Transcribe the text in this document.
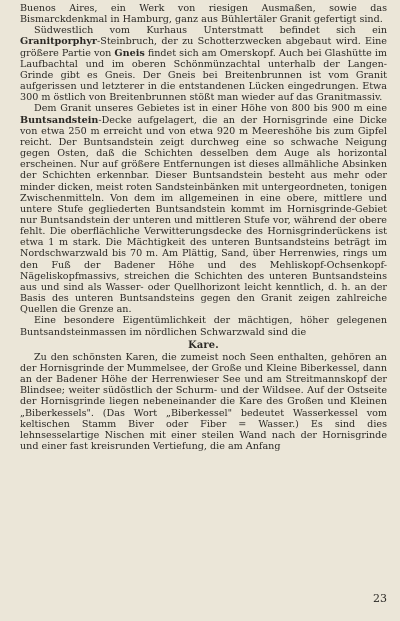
Buenos Aires, ein Werk von riesigen Ausmaßen, sowie das Bismarckdenkmal in Hamburg, ganz aus Bühlertäler Granit gefertigt sind.

Südwestlich vom Kurhaus Unterstmatt befindet sich ein Granitporphyr-Steinbruch, der zu Schotterzwecken abgebaut wird. Eine größere Partie von Gneis findet sich am Omerskopf. Auch bei Glashütte im Laufbachtal und im oberen Schönmünzachtal unterhalb der Langen-Grinde gibt es Gneis. Der Gneis bei Breitenbrunnen ist vom Granit aufgerissen und letzterer in die entstandenen Lücken eingedrungen. Etwa 300 m östlich von Breitenbrunnen stößt man wieder auf das Granitmassiv.

Dem Granit unseres Gebietes ist in einer Höhe von 800 bis 900 m eine Buntsandstein-Decke aufgelagert, die an der Hornisgrinde eine Dicke von etwa 250 m erreicht und von etwa 920 m Meereshöhe bis zum Gipfel reicht. Der Buntsandstein zeigt durchweg eine so schwache Neigung gegen Osten, daß die Schichten desselben dem Auge als horizontal erscheinen. Nur auf größere Entfernungen ist dieses allmähliche Absinken der Schichten erkennbar. Dieser Buntsandstein besteht aus mehr oder minder dicken, meist roten Sandsteinbänken mit untergeordneten, tonigen Zwischenmitteln. Von dem im allgemeinen in eine obere, mittlere und untere Stufe gegliederten Buntsandstein kommt im Hornisgrinde-Gebiet nur Buntsandstein der unteren und mittleren Stufe vor, während der obere fehlt. Die oberflächliche Verwitterungsdecke des Hornisgrinderückens ist etwa 1 m stark. Die Mächtigkeit des unteren Buntsandsteins beträgt im Nordschwarzwald bis 70 m. Am Plättig, Sand, über Herrenwies, rings um den Fuß der Badener Höhe und des Mehliskopf-Ochsenkopf-Nägeliskopfmassivs, streichen die Schichten des unteren Buntsandsteins aus und sind als Wasser- oder Quellhorizont leicht kenntlich, d. h. an der Basis des unteren Buntsandsteins gegen den Granit zeigen zahlreiche Quellen die Grenze an.

Eine besondere Eigentümlichkeit der mächtigen, höher gelegenen Buntsandsteinmassen im nördlichen Schwarzwald sind die

Kare.

Zu den schönsten Karen, die zumeist noch Seen enthalten, gehören an der Hornisgrinde der Mummelsee, der Große und Kleine Biberkessel, dann an der Badener Höhe der Herrenwieser See und am Streitmannskopf der Blindsee; weiter südöstlich der Schurm- und der Wildsee. Auf der Ostseite der Hornisgrinde liegen nebeneinander die Kare des Großen und Kleinen „Biberkessels". (Das Wort „Biberkessel" bedeutet Wasserkessel vom keltischen Stamm Biver oder Fiber = Wasser.) Es sind dies lehnsesselartige Nischen mit einer steilen Wand nach der Hornisgrinde und einer fast kreisrunden Vertiefung, die am Anfang

23
